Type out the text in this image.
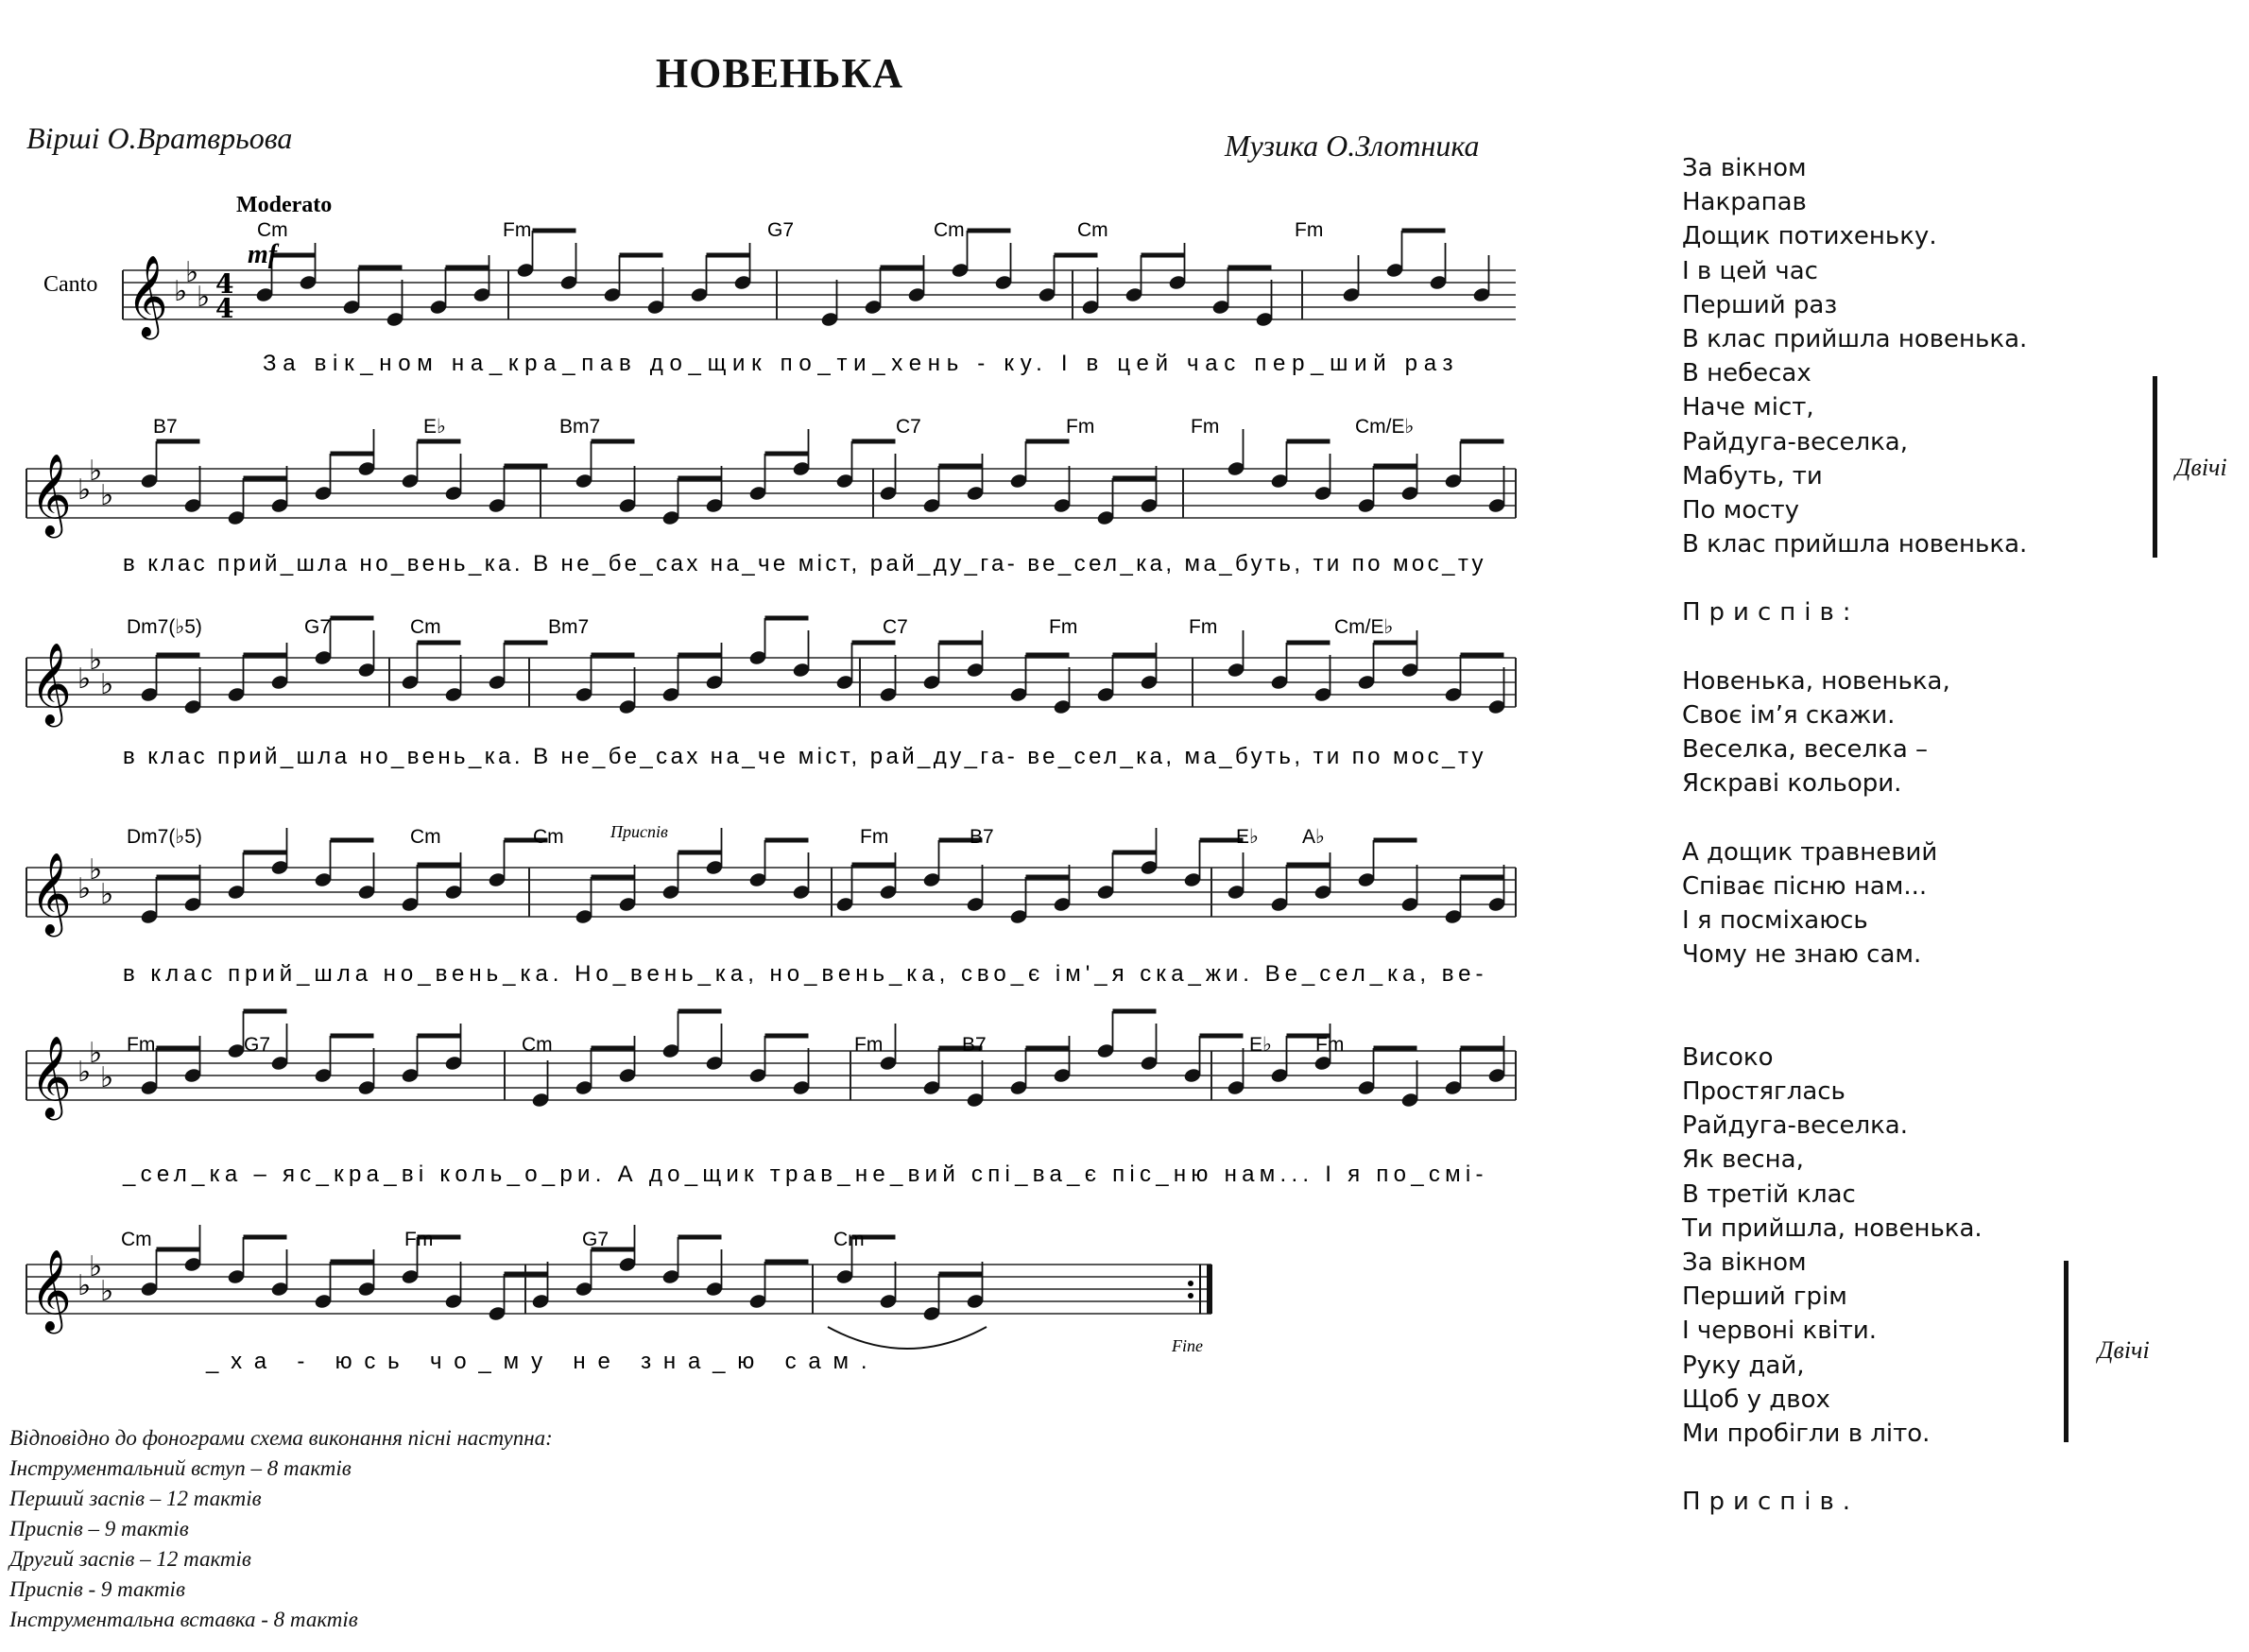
НОВЕНЬКА
Вірші О.Вратврьова	Музика О.Злотника
𝄞 ♭
♭
♭ 4
4
Cm	Fm	G7	Cm	Cm	Fm
За вік_ном на_кра_пав до_щик по_ти_хень - ку. І в цей час пер_ший раз
𝄞 ♭
♭
♭
B7	E♭	Bm7	C7	Fm	Fm	Cm/E♭
в клас прий_шла но_вень_ка. В не_бе_сах на_че міст, рай_ду_га- ве_сел_ка, ма_буть, ти по мос_ту
𝄞 ♭
♭
♭
Dm7(♭5)	G7	Cm	Bm7	C7	Fm	Fm	Cm/E♭
в клас прий_шла но_вень_ка. В не_бе_сах на_че міст, рай_ду_га- ве_сел_ка, ма_буть, ти по мос_ту
𝄞 ♭
♭
♭
Dm7(♭5)	Cm	Cm	Fm	B7	E♭ A♭
в клас прий_шла но_вень_ка. Но_вень_ка, но_вень_ка, сво_є ім'_я ска_жи. Ве_сел_ка, ве-
𝄞 ♭
♭
♭
Fm	G7	Cm	Fm	B7	E♭ Fm
_сел_ка – яс_кра_ві коль_о_ри. А до_щик трав_не_вий спі_ва_є піс_ню нам... І я по_смі-
𝄞 ♭
♭
♭
Cm	Fm	G7	Cm
_ха - юсь чо_му не зна_ю сам.
Moderato
mf
Canto
Приспів
Fine
Відповідно до фонограми схема виконання пісні наступна:
Інструментальний вступ – 8 тактів
Перший заспів – 12 тактів
Приспів – 9 тактів
Другий заспів – 12 тактів
Приспів - 9 тактів
Інструментальна вставка - 8 тактів
За вікном
Накрапав
Дощик потихеньку.
І в цей час
Перший раз
В клас прийшла новенька.
В небесах
Наче міст,
Райдуга-веселка,
Мабуть, ти
По мосту
В клас прийшла новенька.
Приспів:
Новенька, новенька,
Своє ім’я скажи.
Веселка, веселка –
Яскраві кольори.
А дощик травневий
Співає пісню нам...
І я посміхаюсь
Чому не знаю сам.
Високо
Простяглась
Райдуга-веселка.
Як весна,
В третій клас
Ти прийшла, новенька.
За вікном
Перший грім
І червоні квіти.
Руку дай,
Щоб у двох
Ми пробігли в літо.
Приспів.
Двічі
Двічі
